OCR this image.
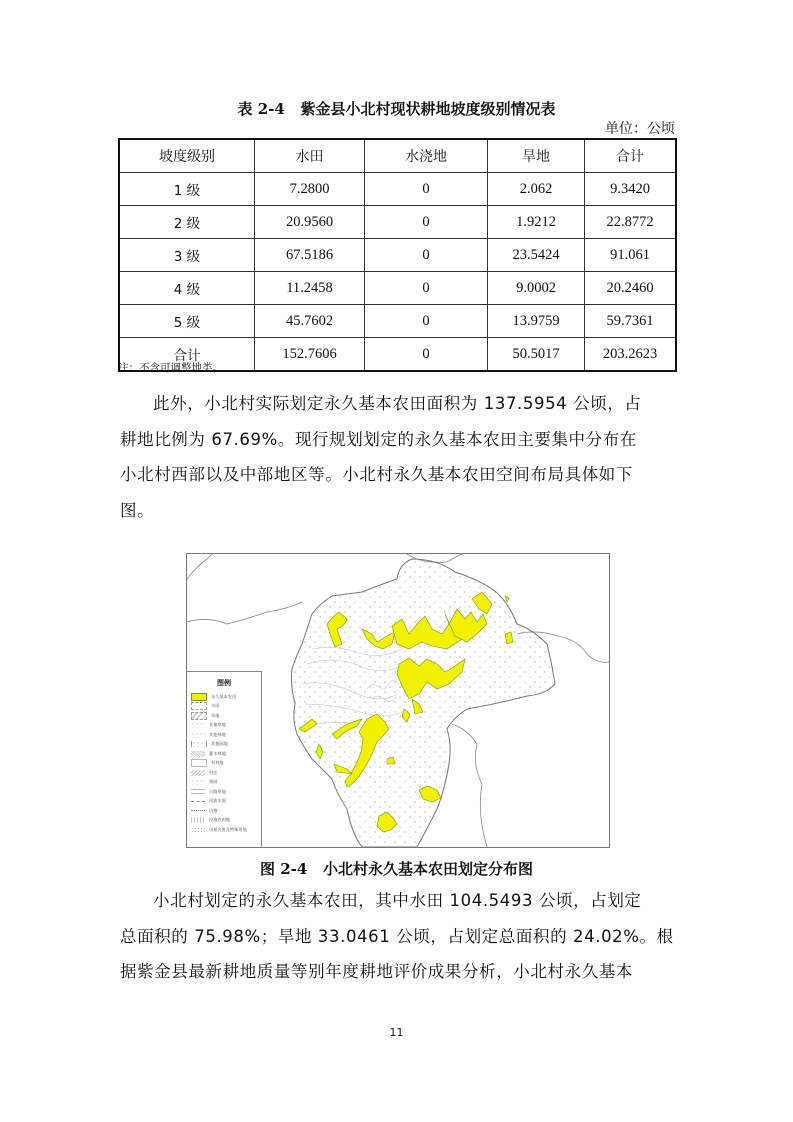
表 2-4 紫金县小北村现状耕地坡度级别情况表
单位：公顷
坡度级别	水田	水浇地	旱地	合计
1 级	7.2800	0	2.062	9.3420
2 级	20.9560	0	1.9212	22.8772
3 级	67.5186	0	23.5424	91.061
4 级	11.2458	0	9.0002	20.2460
5 级	45.7602	0	13.9759	59.7361
合计	152.7606	0	50.5017	203.2623
注：不含可调整地类。
此外，小北村实际划定永久基本农田面积为 137.5954 公顷，占
耕地比例为 67.69%。现行规划划定的永久基本农田主要集中分布在
小北村西部以及中部地区等。小北村永久基本农田空间布局具体如下
图。
图例
永久基本农田
水田
旱地
其他草地
其他林地
其他园地
灌木林地
有林地
村庄
果园
公路用地
河流水面
坑塘
设施农用地
风景名胜及特殊用地
图 2-4 小北村永久基本农田划定分布图
小北村划定的永久基本农田，其中水田 104.5493 公顷，占划定
总面积的 75.98%；旱地 33.0461 公顷，占划定总面积的 24.02%。根
据紫金县最新耕地质量等别年度耕地评价成果分析，小北村永久基本
11
